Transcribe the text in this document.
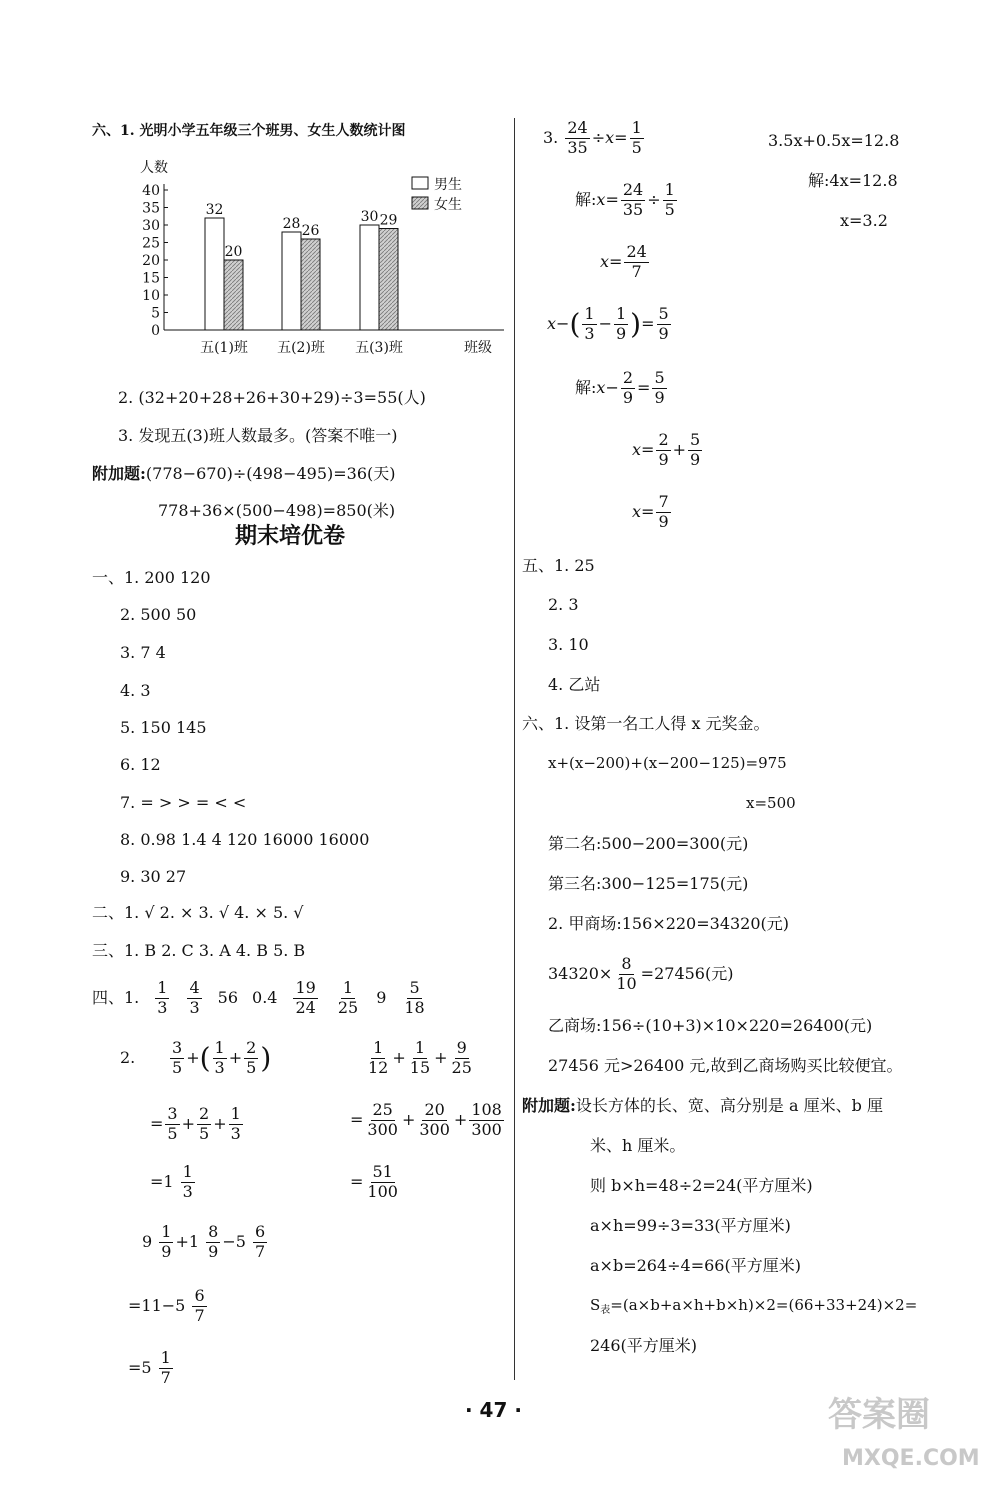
六、1. 光明小学五年级三个班男、女生人数统计图
0
5
10
15
20
25
30
35
40
人数
班级
32
20
五(1)班
28 26
五(2)班
30 29
五(3)班
男生
女生
2. (32+20+28+26+30+29)÷3=55(人)
3. 发现五(3)班人数最多。(答案不唯一)
附加题:(778−670)÷(498−495)=36(天)
778+36×(500−498)=850(米)
期末培优卷
一、1. 200 120
2. 500 50
3. 7 4
4. 3
5. 150 145
6. 12
7. = > > = < <
8. 0.98 1.4 4 120 16000 16000
9. 30 27
二、1. √ 2. × 3. √ 4. × 5. √
三、1. B 2. C 3. A 4. B 5. B
四、1. $\frac{1}{3} \frac{4}{3} 56$ $0.4 \frac{19}{24} \frac{1}{25} 9 \frac{5}{18}$
2. $\frac{3}{5}$ +( $\frac{1}{3} + \frac{2}{5}$ )
= $\frac{3}{5} + \frac{2}{5} + \frac{1}{3}$
$=1 \frac{1}{3}$
$\frac{1}{12} + \frac{1}{15} + \frac{9}{25}$
= $\frac{25}{300} + \frac{20}{300} + \frac{108}{300}$
= $\frac{51}{100}$
$9 \frac{1}{9} +1 \frac{8}{9} -5 \frac{6}{7}$
$=11-5 \frac{6}{7}$
$=5 \frac{1}{7}$
3. $\frac{24}{35} \div x= \frac{1}{5}$	3.5x+0.5x=12.8
解:4x=12.8
x=3.2
解:x= $\frac{24}{35} \div \frac{1}{5}$
$x= \frac{24}{7}$
$x-( \frac{1}{3} - \frac{1}{9}$ )= $\frac{5}{9}$
解:x− $\frac{2}{9} = \frac{5}{9}$
$x= \frac{2}{9} + \frac{5}{9}$
$x= \frac{7}{9}$
五、1. 25
2. 3
3. 10
4. 乙站
六、1. 设第一名工人得 x 元奖金。
x+(x−200)+(x−200−125)=975
x=500
第二名:500−200=300(元)
第三名:300−125=175(元)
2. 甲商场:156×220=34320(元)
$34320\times \frac{8}{10} =27456$(元)
乙商场:156÷(10+3)×10×220=26400(元)
27456 元>26400 元,故到乙商场购买比较便宜。
附加题:设长方体的长、宽、高分别是 a 厘米、b 厘
米、h 厘米。
则 b×h=48÷2=24(平方厘米)
a×h=99÷3=33(平方厘米)
a×b=264÷4=66(平方厘米)
$S_表=(a\times b+a\times h+b\times h)\times 2=(66+33+24)\times 2=$
246(平方厘米)
· 47 ·	答案圈
MXQE.COM
